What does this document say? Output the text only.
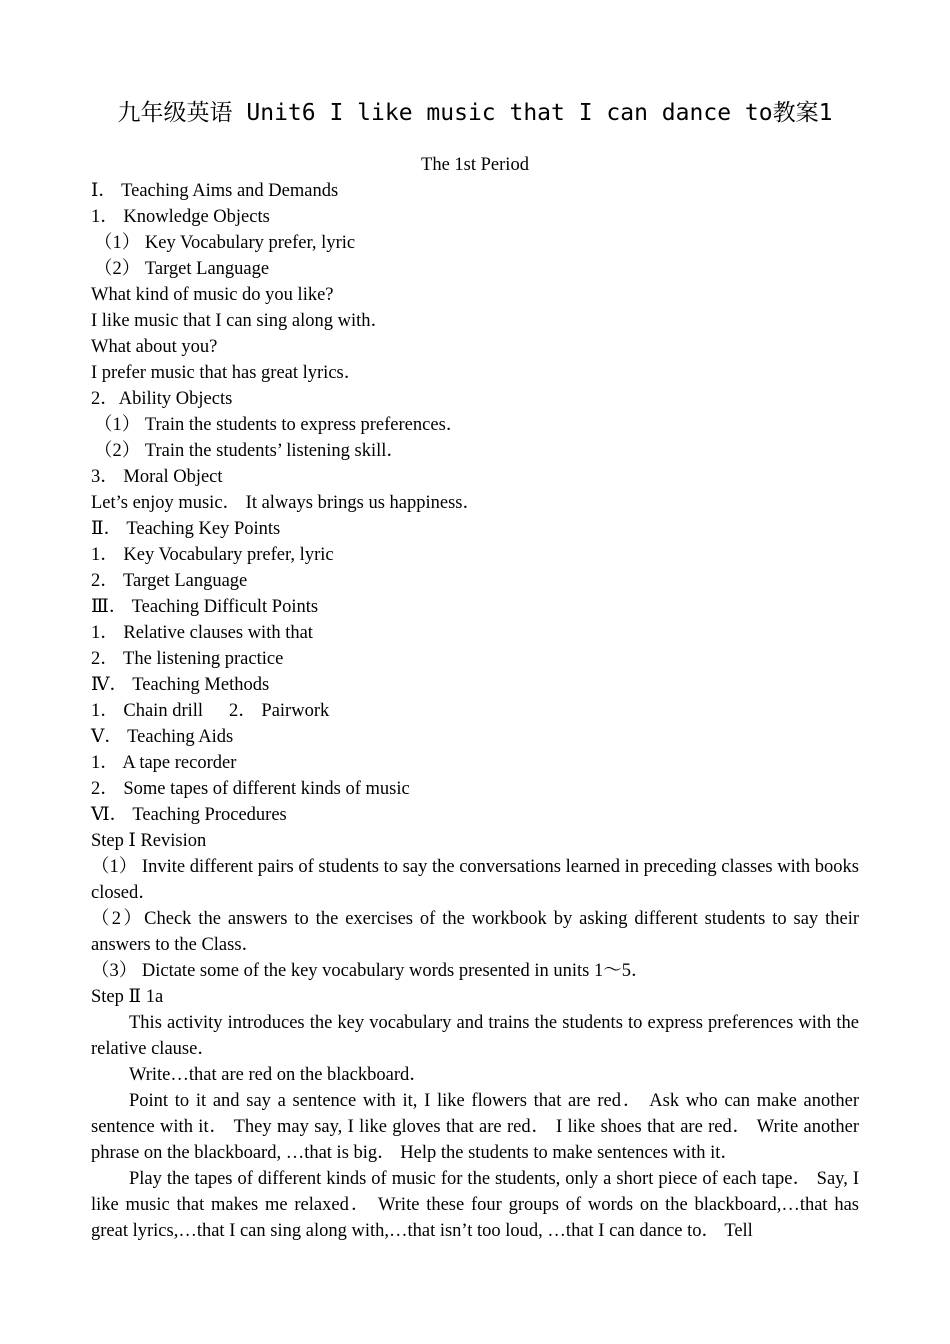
九年级英语 Unit6 I like music that I can dance to教案1
The 1st Period
Ⅰ． Teaching Aims and Demands
1． Knowledge Objects
（1） Key Vocabulary prefer, lyric
（2） Target Language
What kind of music do you like?
I like music that I can sing along with．
What about you?
I prefer music that has great lyrics．
2．Ability Objects
（1） Train the students to express preferences．
（2） Train the students’ listening skill．
3． Moral Object
Let’s enjoy music． It always brings us happiness．
Ⅱ． Teaching Key Points
1． Key Vocabulary prefer, lyric
2． Target Language
Ⅲ． Teaching Difficult Points
1． Relative clauses with that
2． The listening practice
Ⅳ． Teaching Methods
1． Chain drill 2． Pairwork
Ⅴ． Teaching Aids
1． A tape recorder
2． Some tapes of different kinds of music
Ⅵ． Teaching Procedures
Step Ⅰ Revision
（1） Invite different pairs of students to say the conversations learned in preceding classes with books closed．
（2）Check the answers to the exercises of the workbook by asking different students to say their answers to the Class．
（3） Dictate some of the key vocabulary words presented in units 1～5．
Step Ⅱ 1a
This activity introduces the key vocabulary and trains the students to express preferences with the relative clause．
Write…that are red on the blackboard．
Point to it and say a sentence with it, I like flowers that are red． Ask who can make another sentence with it． They may say, I like gloves that are red． I like shoes that are red． Write another phrase on the blackboard, …that is big． Help the students to make sentences with it．
Play the tapes of different kinds of music for the students, only a short piece of each tape． Say, I like music that makes me relaxed． Write these four groups of words on the blackboard,…that has great lyrics,…that I can sing along with,…that isn’t too loud, …that I can dance to． Tell
